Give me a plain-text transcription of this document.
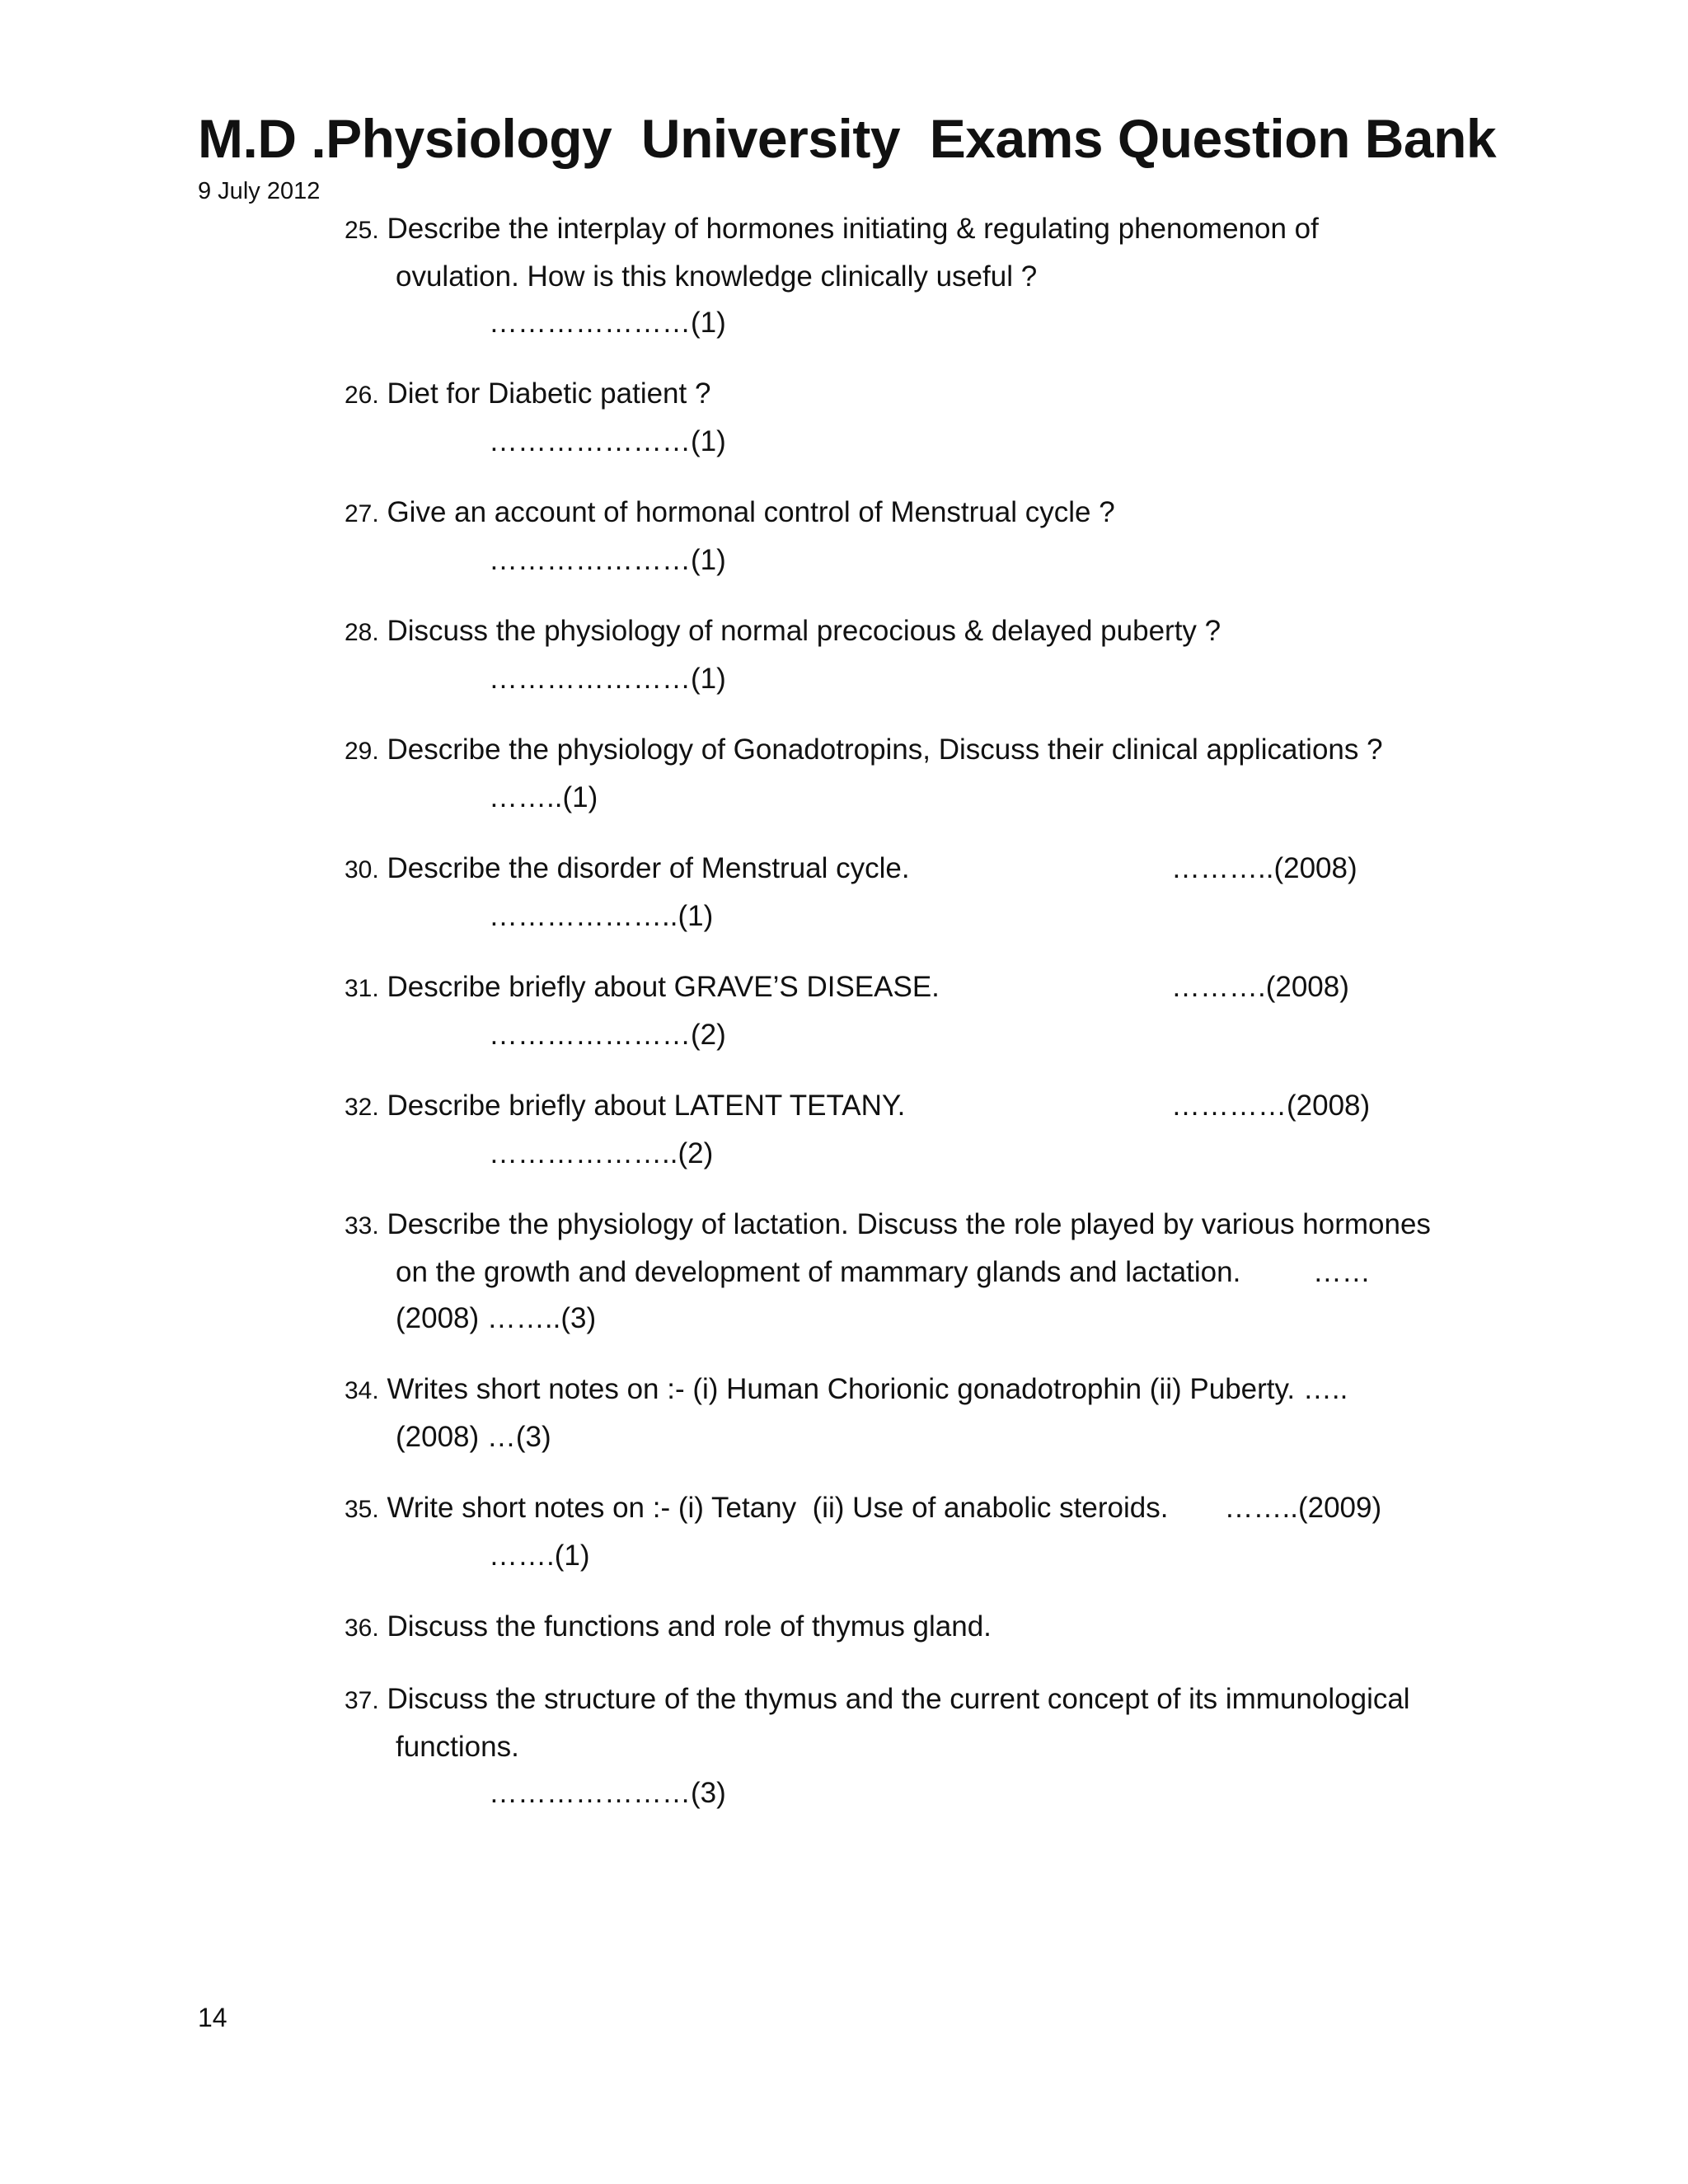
M.D .Physiology  University  Exams Question Bank
9 July 2012
25. Describe the interplay of hormones initiating & regulating phenomenon of
ovulation. How is this knowledge clinically useful ?
…………………(1)
26. Diet for Diabetic patient ?
…………………(1)
27. Give an account of hormonal control of Menstrual cycle ?
…………………(1)
28. Discuss the physiology of normal precocious & delayed puberty ?
…………………(1)
29. Describe the physiology of Gonadotropins, Discuss their clinical applications ?
……..(1)
30. Describe the disorder of Menstrual cycle.	………..(2008)
………………..(1)
31. Describe briefly about GRAVE’S DISEASE.	……….(2008)
…………………(2)
32. Describe briefly about LATENT TETANY.	…………(2008)
………………..(2)
33. Describe the physiology of lactation. Discuss the role played by various hormones
on the growth and development of mammary glands and lactation.         ……
(2008) ……..(3)
34. Writes short notes on :- (i) Human Chorionic gonadotrophin (ii) Puberty. …..
(2008) …(3)
35. Write short notes on :- (i) Tetany  (ii) Use of anabolic steroids.       ……..(2009)
…….(1)
36. Discuss the functions and role of thymus gland.
37. Discuss the structure of the thymus and the current concept of its immunological
functions.
…………………(3)
14
